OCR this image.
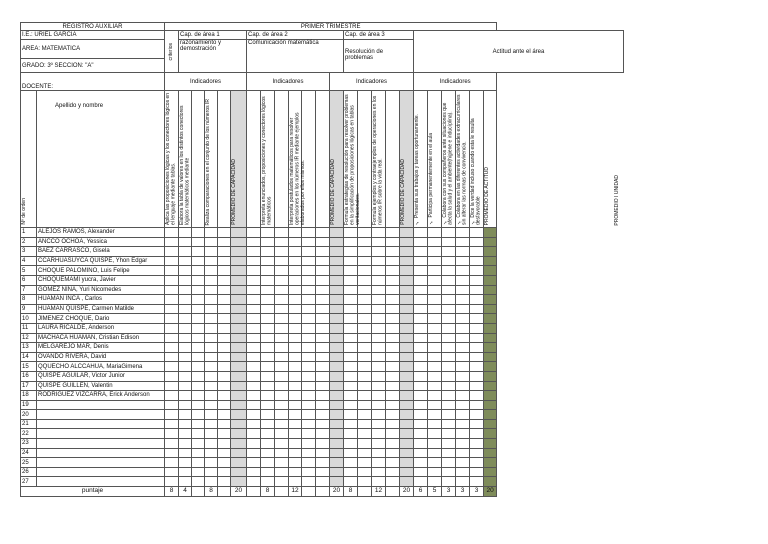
REGISTRO AUXILIAR		PRIMER TRIMESTRE																							
I.E.: URIEL GARCIA		criterios	Cap. de área 1					Cap. de área 2							Cap. de área 3					Actitud ante el área					
AREA: MATEMATICA			razonamiento y demostración					Comunicación matemática							Resolución de problemas										
GRADO: 3º SECCION: "A"																									
DOCENTE:		Indicadores						Indicadores						Indicadores						Indicadores					

Nº de orden	Apellido y nombre	Aplica las proposiciones lógicas y los conectores lógicos en el lenguaje mediante tablas.	Elabora la tabla de valores en los distintos conectores lógicos matemáticos mediante		Realiza comparaciones en el conjunto de los números IR		PROMEDIO DE CAPACIDAD		Interpreta enunciados, proposiciones y conectores lógicos matemáticos		Interpreta postulados matemáticos para resolver operaciones en los números IR mediante ejemplos elaborados por ellos mismos.			PROMEDIO DE CAPACIDAD	Formula estrategias de resolución para resolver problemas en la simplificación de proposiciones lógicas en tablas veritacionales.		Formula ejemplos y contraejemplos de operaciones en los números IR sobre la vida real.		PROMEDIO DE CAPACIDAD	✓ Presenta sus trabajos y tareas oportunamente.	✓ Participa permanentemente en el aula	✓ Colabora con sus compañeros ante situaciones que afecta la salud y el ambiente(higiene e inducíplina).	✓ Colabora en las diferentes actividades extracurriculares sin alterar las normas de convivencia.	✓ Dice la verdad incluso cuando esta le resulta desfavorable	PROMEDIO DE ACTITUD

1	ALEJOS RAMOS, Alexander																								
2	ANCCO OCHOA, Yessica																								
3	BAEZ CARRASCO, Gisela																								
4	CCARHUASUYCA QUISPE, Yhon Edgar																								
5	CHOQUE PALOMINO, Luis Felipe																								
6	CHOQUEMAMI yucra, Javier																								
7	GOMEZ NINA, Yuri Nicomedes																								
8	HUAMAN INCA , Carlos																								
9	HUAMAN QUISPE, Carmen Matilde																								
10	JIMENEZ CHOQUE, Dario																								
11	LAURA RICALDE, Anderson																								
12	MACHACA HUAMAN, Cristian Edison																								
13	MELGAREJO MAR, Denis																								
14	OVANDO RIVERA, David																								
15	QQUECHO ALCCAHUA, MariaGimena																								
16	QUISPE AGUILAR, Victor Junior																								
17	QUISPE GUILLEN, Valentin																								
18	RODRIGUEZ VIZCARRA, Erick Anderson																								
19																									
20																									
21																									
22																									
23																									
24																									
25																									
26																									
27																									
puntaje		8	4		8		20		8		12			20	8		12		20	6	5	3	3	3	20
PROMEDIO I UNIDAD
